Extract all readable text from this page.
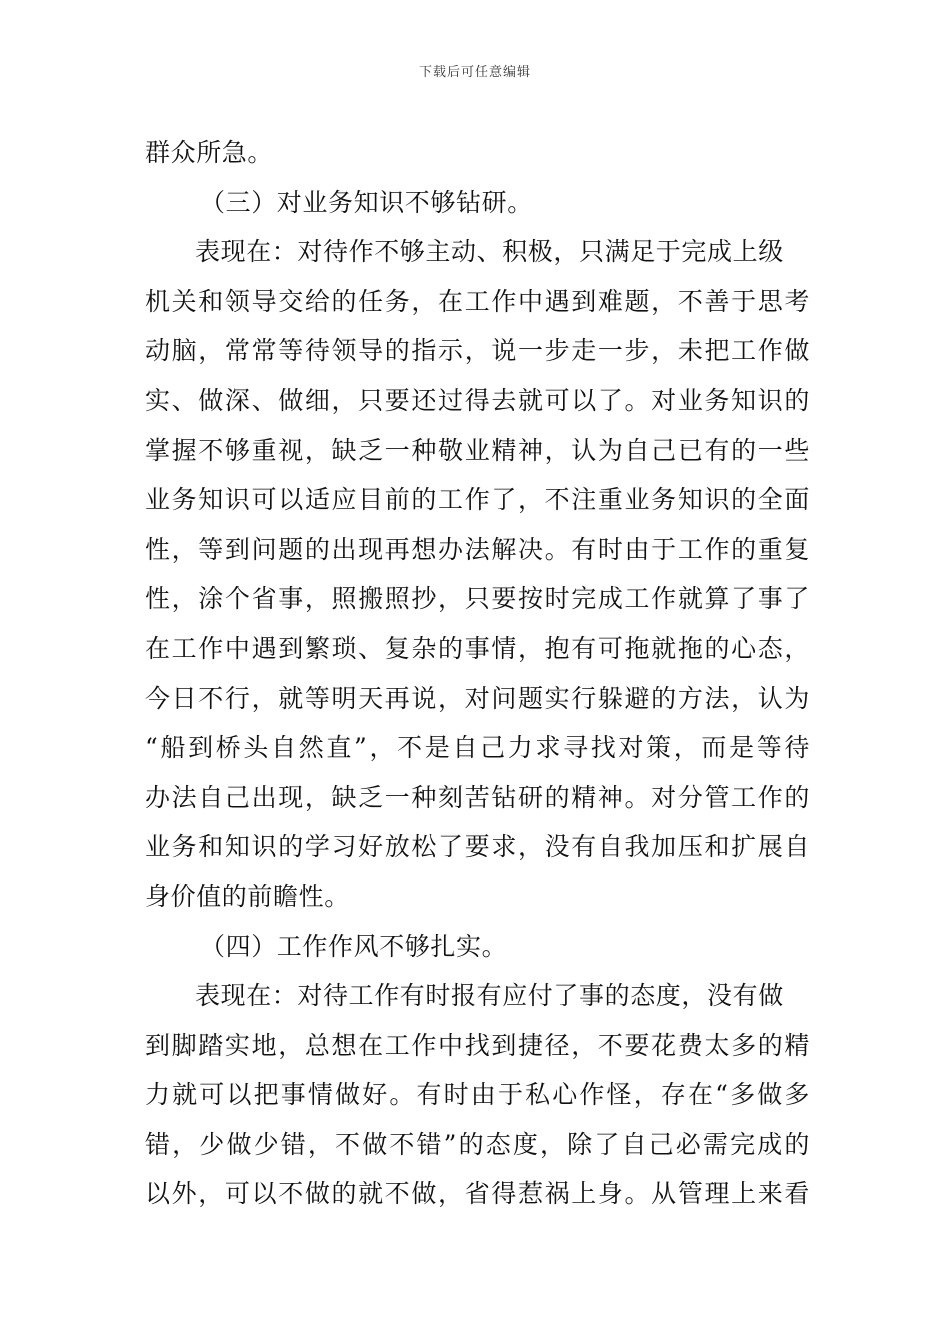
下载后可任意编辑
群众所急。
（三）对业务知识不够钻研。
表现在：对待作不够主动、积极，只满足于完成上级
机关和领导交给的任务，在工作中遇到难题，不善于思考
动脑，常常等待领导的指示，说一步走一步，未把工作做
实、做深、做细，只要还过得去就可以了。对业务知识的
掌握不够重视，缺乏一种敬业精神，认为自己已有的一些
业务知识可以适应目前的工作了，不注重业务知识的全面
性，等到问题的出现再想办法解决。有时由于工作的重复
性，涂个省事，照搬照抄，只要按时完成工作就算了事了
在工作中遇到繁琐、复杂的事情，抱有可拖就拖的心态，
今日不行，就等明天再说，对问题实行躲避的方法，认为
“船到桥头自然直”，不是自己力求寻找对策，而是等待
办法自己出现，缺乏一种刻苦钻研的精神。对分管工作的
业务和知识的学习好放松了要求，没有自我加压和扩展自
身价值的前瞻性。
（四）工作作风不够扎实。
表现在：对待工作有时报有应付了事的态度，没有做
到脚踏实地，总想在工作中找到捷径，不要花费太多的精
力就可以把事情做好。有时由于私心作怪，存在“多做多
错，少做少错，不做不错”的态度，除了自己必需完成的
以外，可以不做的就不做，省得惹祸上身。从管理上来看
